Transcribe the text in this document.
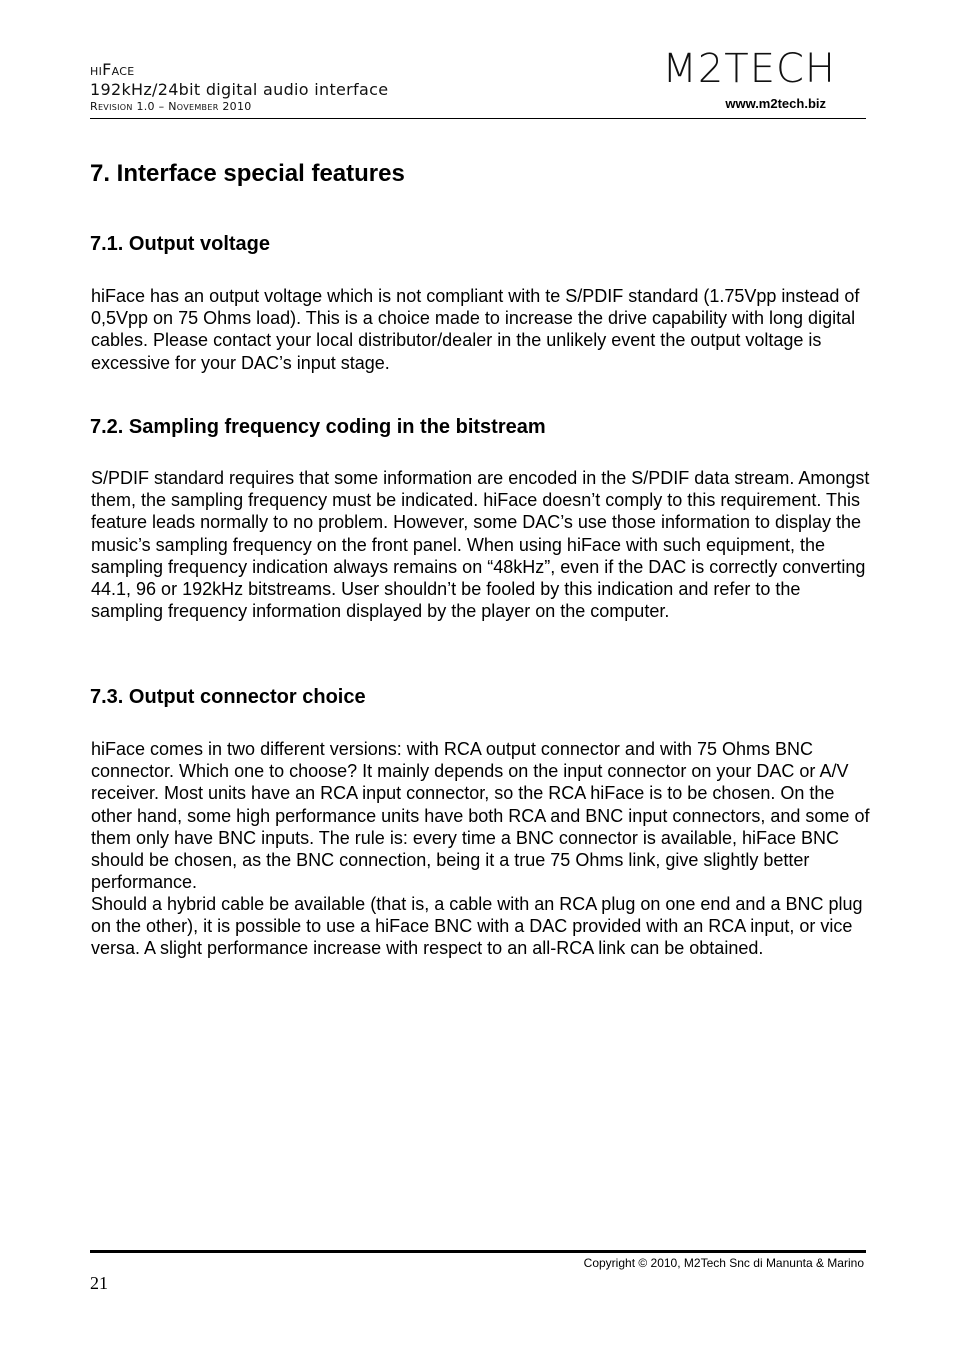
hiFace
192kHz/24bit digital audio interface
Revision 1.0 – November 2010
M2TECH
www.m2tech.biz
7. Interface special features
7.1. Output voltage

hiFace has an output voltage which is not compliant with te S/PDIF standard (1.75Vpp instead of 0,5Vpp on 75 Ohms load). This is a choice made to increase the drive capability with long digital cables. Please contact your local distributor/dealer in the unlikely event the output voltage is excessive for your DAC’s input stage.

7.2. Sampling frequency coding in the bitstream

S/PDIF standard requires that some information are encoded in the S/PDIF data stream. Amongst them, the sampling frequency must be indicated. hiFace doesn’t comply to this requirement. This feature leads normally to no problem. However, some DAC’s use those information to display the music’s sampling frequency on the front panel. When using hiFace with such equipment, the sampling frequency indication always remains on “48kHz”, even if the DAC is correctly converting 44.1, 96 or 192kHz bitstreams. User shouldn’t be fooled by this indication and refer to the sampling frequency information displayed by the player on the computer.

7.3. Output connector choice

hiFace comes in two different versions: with RCA output connector and with 75 Ohms BNC connector. Which one to choose? It mainly depends on the input connector on your DAC or A/V receiver. Most units have an RCA input connector, so the RCA hiFace is to be chosen. On the other hand, some high performance units have both RCA and BNC input connectors, and some of them only have BNC inputs. The rule is: every time a BNC connector is available, hiFace BNC should be chosen, as the BNC connection, being it a true 75 Ohms link, give slightly better performance.

Should a hybrid cable be available (that is, a cable with an RCA plug on one end and a BNC plug on the other), it is possible to use a hiFace BNC with a DAC provided with an RCA input, or vice versa. A slight performance increase with respect to an all-RCA link can be obtained.

Copyright © 2010, M2Tech Snc di Manunta & Marino
21
